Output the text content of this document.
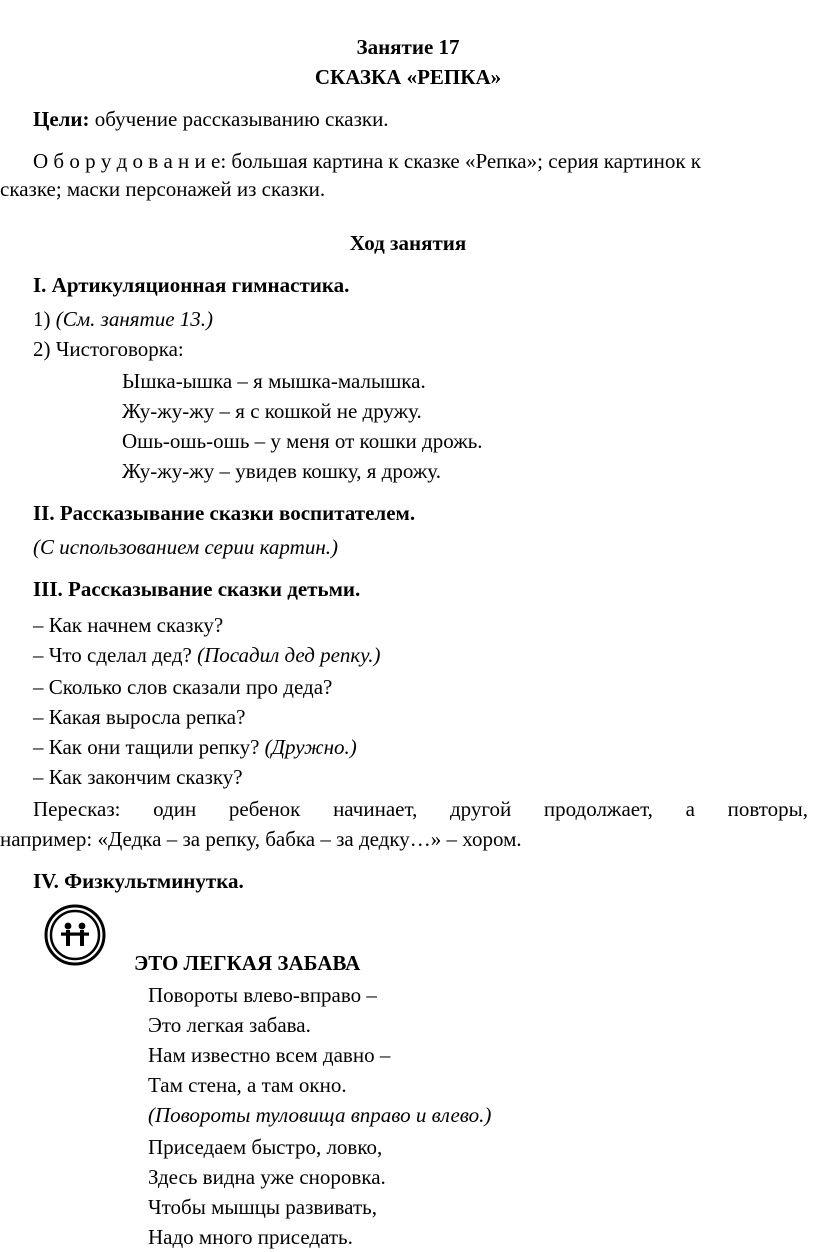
Занятие 17
СКАЗКА «РЕПКА»
Цели: обучение рассказыванию сказки.
О б о р у д о в а н и е: большая картина к сказке «Репка»; серия картинок к
сказке; маски персонажей из сказки.
Ход занятия
I. Артикуляционная гимнастика.
1) (См. занятие 13.)
2) Чистоговорка:
Ышка-ышка – я мышка-малышка.
Жу-жу-жу – я с кошкой не дружу.
Ошь-ошь-ошь – у меня от кошки дрожь.
Жу-жу-жу – увидев кошку, я дрожу.
II. Рассказывание сказки воспитателем.
(С использованием серии картин.)
III. Рассказывание сказки детьми.
– Как начнем сказку?
– Что сделал дед? (Посадил дед репку.)
– Сколько слов сказали про деда?
– Какая выросла репка?
– Как они тащили репку? (Дружно.)
– Как закончим сказку?
Пересказ: один ребенок начинает, другой продолжает, а повторы,
например: «Дедка – за репку, бабка – за дедку…» – хором.
IV. Физкультминутка.
ЭТО ЛЕГКАЯ ЗАБАВА
Повороты влево-вправо –
Это легкая забава.
Нам известно всем давно –
Там стена, а там окно.
(Повороты туловища вправо и влево.)
Приседаем быстро, ловко,
Здесь видна уже сноровка.
Чтобы мышцы развивать,
Надо много приседать.
